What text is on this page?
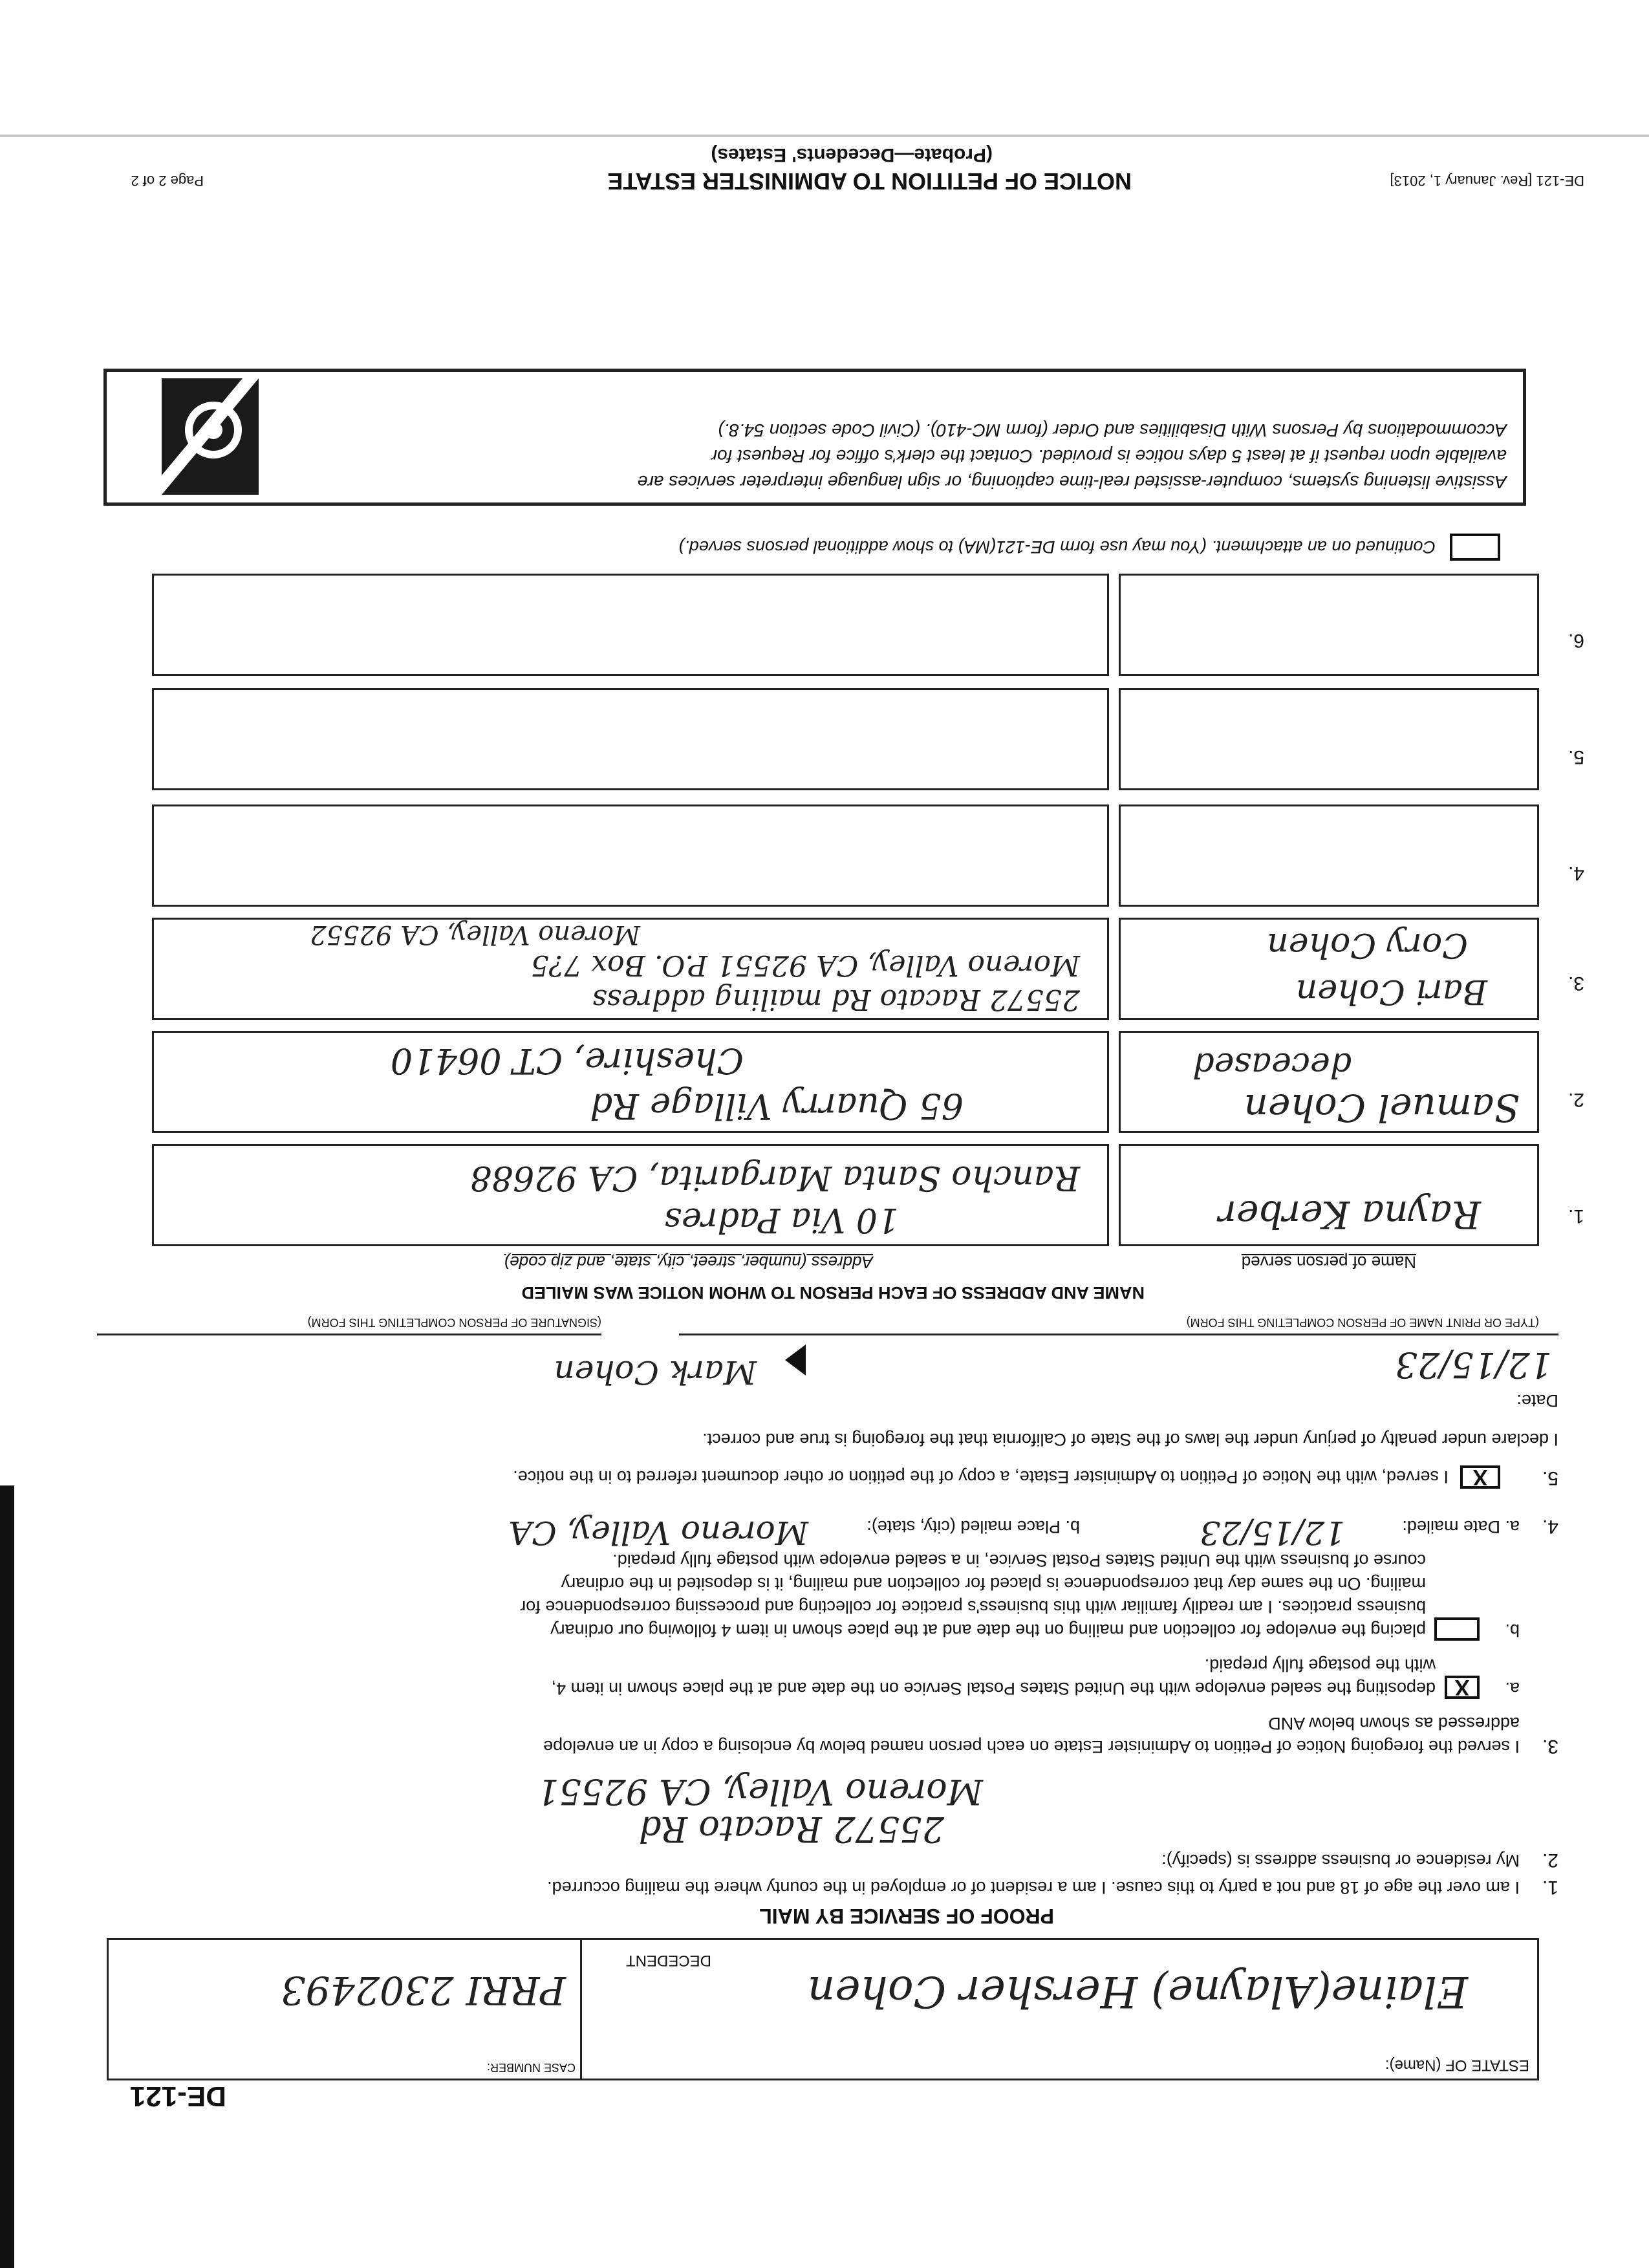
DE-121
ESTATE OF (Name):
CASE NUMBER:
Elaine(Alayne) Hersher Cohen
DECEDENT
PRRI 2302493
PROOF OF SERVICE BY MAIL
1.
I am over the age of 18 and not a party to this cause. I am a resident of or employed in the county where the mailing occurred.
2.
My residence or business address is (specify):
25572 Racato Rd
Moreno Valley, CA 92551
3.
I served the foregoing Notice of Petition to Administer Estate on each person named below by enclosing a copy in an envelope
addressed as shown below AND
a.
X
depositing the sealed envelope with the United States Postal Service on the date and at the place shown in item 4,
with the postage fully prepaid.
b.
placing the envelope for collection and mailing on the date and at the place shown in item 4 following our ordinary
business practices. I am readily familiar with this business's practice for collecting and processing correspondence for
mailing. On the same day that correspondence is placed for collection and mailing, it is deposited in the ordinary
course of business with the United States Postal Service, in a sealed envelope with postage fully prepaid.
4.
a. Date mailed:
12/15/23
b. Place mailed (city, state):
Moreno Valley, CA
5.
X
I served, with the Notice of Petition to Administer Estate, a copy of the petition or other document referred to in the notice.
I declare under penalty of perjury under the laws of the State of California that the foregoing is true and correct.
Date:
12/15/23
Mark Cohen
(TYPE OR PRINT NAME OF PERSON COMPLETING THIS FORM)
(SIGNATURE OF PERSON COMPLETING THIS FORM)
NAME AND ADDRESS OF EACH PERSON TO WHOM NOTICE WAS MAILED
Name of person served
Address (number, street, city, state, and zip code)
1.
Rayna Kerber
10 Via Padres
Rancho Santa Margarita, CA 92688
2.
Samuel Cohen
deceased
65 Quarry Village Rd
Cheshire, CT 06410
3.
Bari Cohen
Cory Cohen
25572 Racato Rd mailing address
Moreno Valley, CA 92551 P.O. Box 7?5
Moreno Valley, CA 92552
4.
5.
6.
Continued on an attachment. (You may use form DE-121(MA) to show additional persons served.)
Assistive listening systems, computer-assisted real-time captioning, or sign language interpreter services are
available upon request if at least 5 days notice is provided. Contact the clerk's office for Request for
Accommodations by Persons With Disabilities and Order (form MC-410). (Civil Code section 54.8.)
DE-121 [Rev. January 1, 2013]
NOTICE OF PETITION TO ADMINISTER ESTATE
(Probate—Decedents' Estates)
Page 2 of 2
